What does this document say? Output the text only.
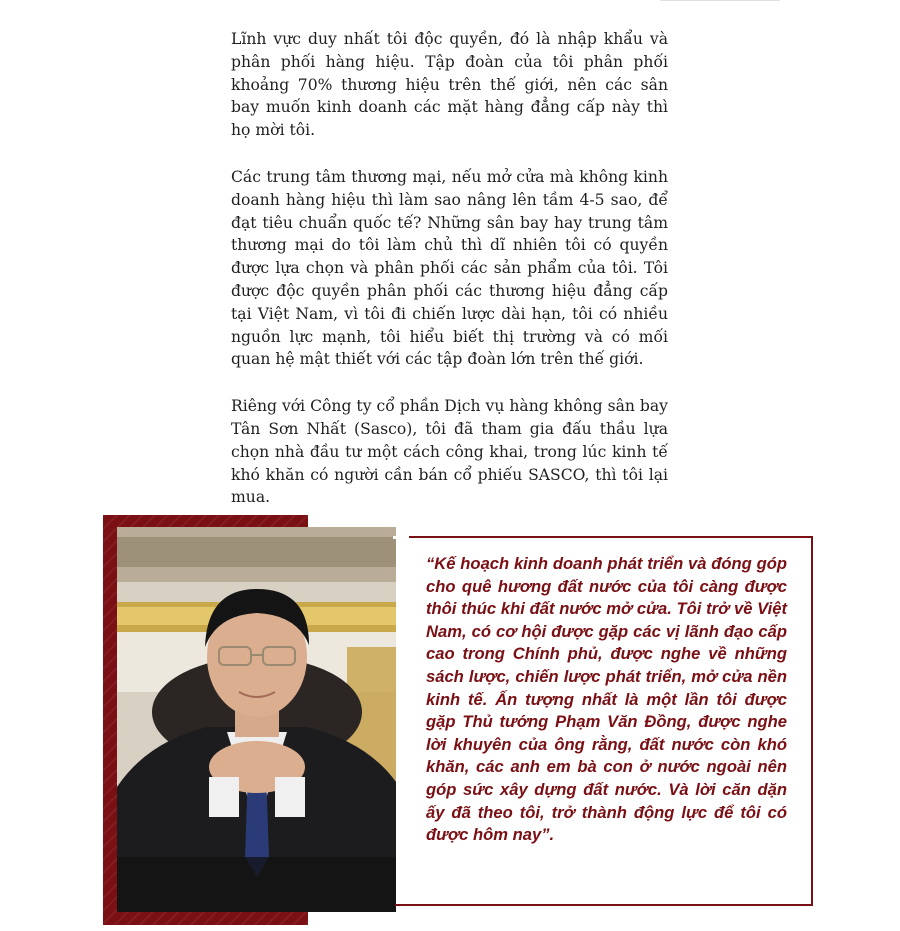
Lĩnh vực duy nhất tôi độc quyền, đó là nhập khẩu và phân phối hàng hiệu. Tập đoàn của tôi phân phối khoảng 70% thương hiệu trên thế giới, nên các sân bay muốn kinh doanh các mặt hàng đẳng cấp này thì họ mời tôi.

Các trung tâm thương mại, nếu mở cửa mà không kinh doanh hàng hiệu thì làm sao nâng lên tầm 4-5 sao, để đạt tiêu chuẩn quốc tế? Những sân bay hay trung tâm thương mại do tôi làm chủ thì dĩ nhiên tôi có quyền được lựa chọn và phân phối các sản phẩm của tôi. Tôi được độc quyền phân phối các thương hiệu đẳng cấp tại Việt Nam, vì tôi đi chiến lược dài hạn, tôi có nhiều nguồn lực mạnh, tôi hiểu biết thị trường và có mối quan hệ mật thiết với các tập đoàn lớn trên thế giới.

Riêng với Công ty cổ phần Dịch vụ hàng không sân bay Tân Sơn Nhất (Sasco), tôi đã tham gia đấu thầu lựa chọn nhà đầu tư một cách công khai, trong lúc kinh tế khó khăn có người cần bán cổ phiếu SASCO, thì tôi lại mua.

“Kế hoạch kinh doanh phát triển và đóng góp cho quê hương đất nước của tôi càng được thôi thúc khi đất nước mở cửa. Tôi trở về Việt Nam, có cơ hội được gặp các vị lãnh đạo cấp cao trong Chính phủ, được nghe về những sách lược, chiến lược phát triển, mở cửa nền kinh tế. Ấn tượng nhất là một lần tôi được gặp Thủ tướng Phạm Văn Đồng, được nghe lời khuyên của ông rằng, đất nước còn khó khăn, các anh em bà con ở nước ngoài nên góp sức xây dựng đất nước. Và lời căn dặn ấy đã theo tôi, trở thành động lực để tôi có được hôm nay”.
